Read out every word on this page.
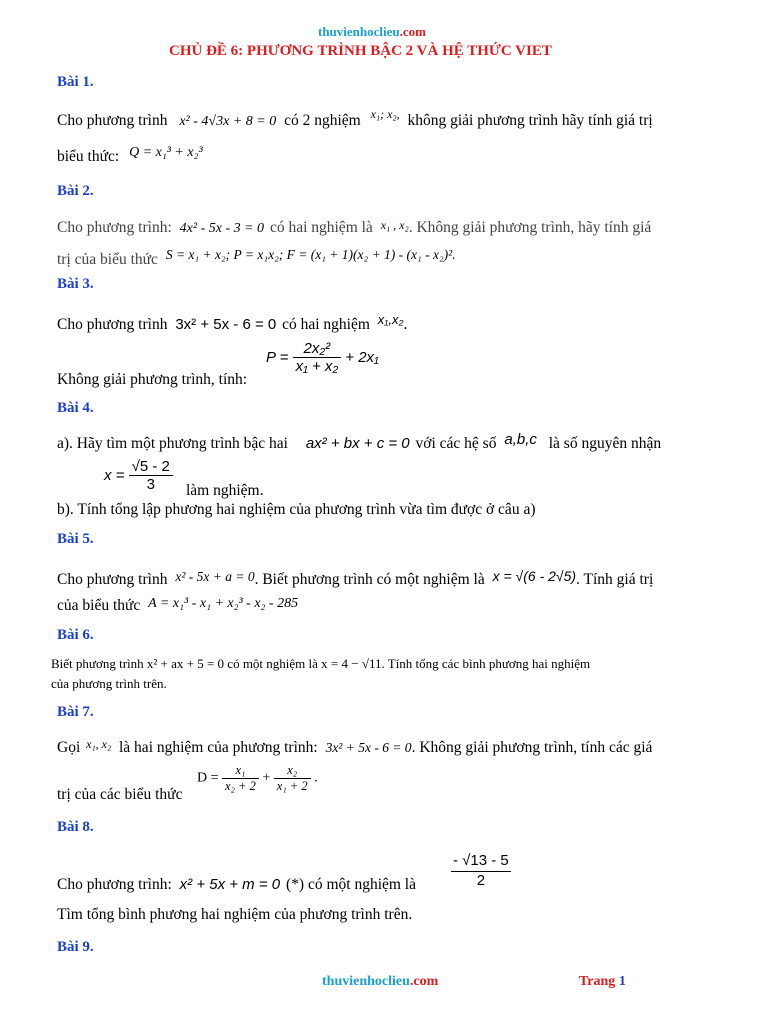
thuvienhoclieu.com
CHỦ ĐỀ 6: PHƯƠNG TRÌNH BẬC 2 VÀ HỆ THỨC VIET
Bài 1.
Cho phương trình x² - 4√3x + 8 = 0 có 2 nghiệm $^{x_1; x_2,}$ không giải phương trình hãy tính giá trị
biểu thức: Q = x₁³ + x₂³
Bài 2.
Cho phương trình: 4x² - 5x - 3 = 0 có hai nghiệm là x₁ , x₂. Không giải phương trình, hãy tính giá
trị của biểu thức S = x₁ + x₂; P = x₁x₂; F = (x₁ + 1)(x₂ + 1) - (x₁ - x₂)².
Bài 3.
Cho phương trình 3x² + 5x - 6 = 0 có hai nghiệm $^{x_1,x_2}$.
$P = \frac{\text{2x₂²}}{\text{x₁ + x₂}} + 2x_1$
Không giải phương trình, tính:
Bài 4.
a). Hãy tìm một phương trình bậc hai ax² + bx + c = 0 với các hệ số a,b,c là số nguyên nhận
$x = \frac{√5 - 2}{3}$ làm nghiệm.
b). Tính tổng lập phương hai nghiệm của phương trình vừa tìm được ở câu a)
Bài 5.
Cho phương trình x² - 5x + a = 0. Biết phương trình có một nghiệm là x = √(6 - 2√5). Tính giá trị
của biểu thức A = x₁³ - x₁ + x₂³ - x₂ - 285
Bài 6.
Biết phương trình x² + ax + 5 = 0 có một nghiệm là x = 4 − √11. Tính tổng các bình phương hai nghiệm
của phương trình trên.
Bài 7.
Gọi $^{x_1, x_2}$ là hai nghiệm của phương trình: 3x² + 5x - 6 = 0. Không giải phương trình, tính các giá
$D = \frac{\text{x₁}}{\text{x₂ + 2}} + \frac{\text{x₂}}{\text{x₁ + 2}}$ .
trị của các biểu thức
Bài 8.
$\frac{- √13 - 5}{2}$
Cho phương trình: x² + 5x + m = 0 (*) có một nghiệm là
Tìm tổng bình phương hai nghiệm của phương trình trên.
Bài 9.
thuvienhoclieu.com	Trang 1
